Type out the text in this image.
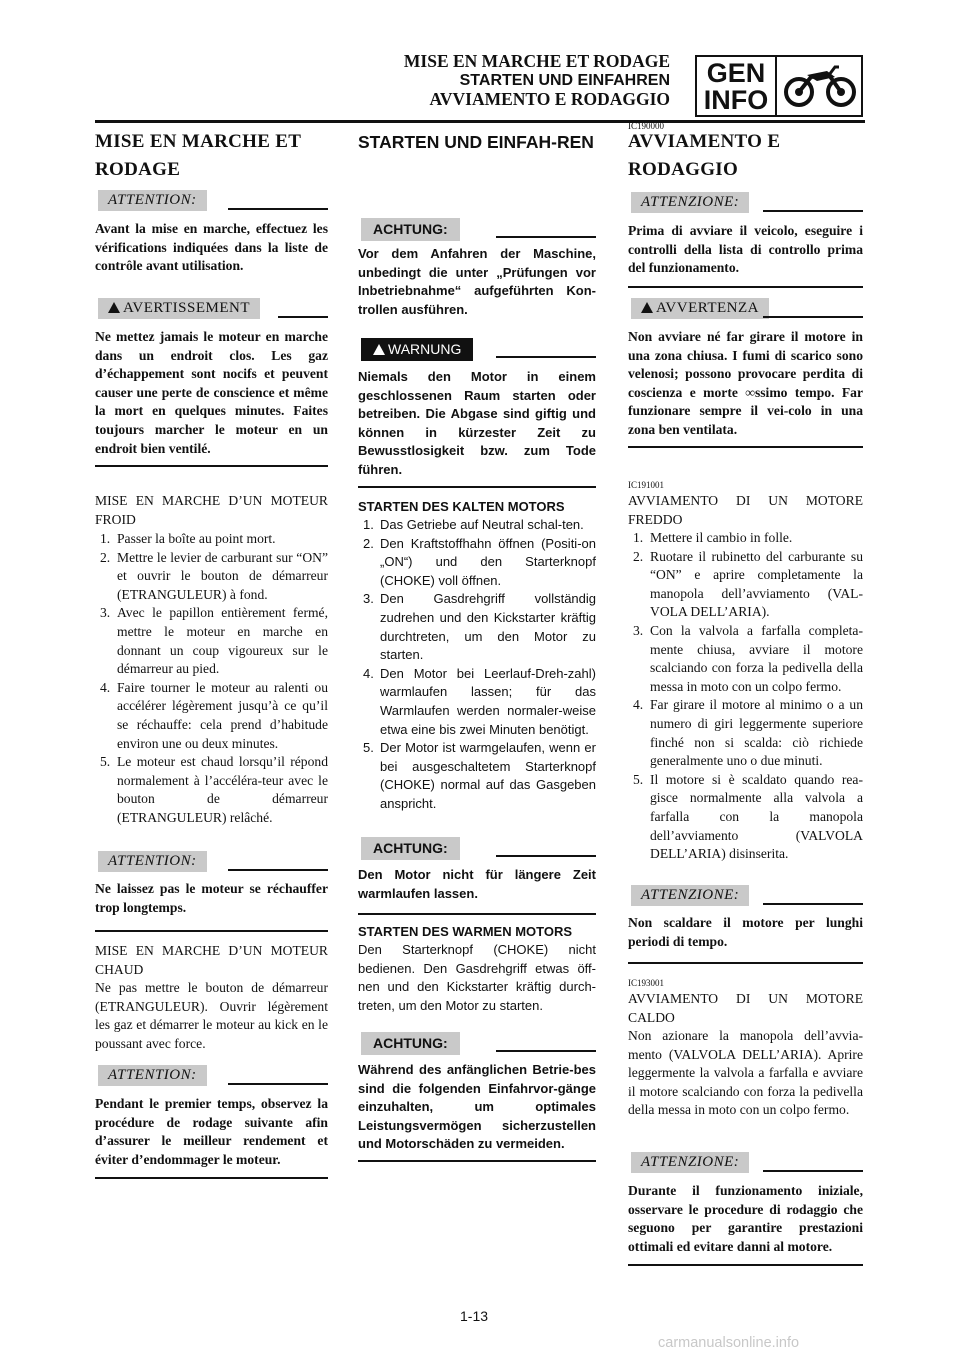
MISE EN MARCHE ET RODAGE
STARTEN UND EINFAHREN
AVVIAMENTO E RODAGGIO
GEN
INFO
MISE EN MARCHE ET RODAGE
ATTENTION:
Avant la mise en marche, effectuez les vérifications indiquées dans la liste de contrôle avant utilisation.
AVERTISSEMENT
Ne mettez jamais le moteur en marche dans un endroit clos. Les gaz d’échappement sont nocifs et peuvent causer une perte de conscience et même la mort en quelques minutes. Faites toujours marcher le moteur en un endroit bien ventilé.
MISE EN MARCHE D’UN MOTEUR FROID
1. Passer la boîte au point mort.
2. Mettre le levier de carburant sur “ON” et ouvrir le bouton de démarreur (ETRANGULEUR) à fond.
3. Avec le papillon entièrement fermé, mettre le moteur en marche en donnant un coup vigoureux sur le démarreur au pied.
4. Faire tourner le moteur au ralenti ou accélérer légèrement jusqu’à ce qu’il se réchauffe: cela prend d’habitude environ une ou deux minutes.
5. Le moteur est chaud lorsqu’il répond normalement à l’accéléra-teur avec le bouton de démarreur (ETRANGULEUR) relâché.
ATTENTION:
Ne laissez pas le moteur se réchauffer trop longtemps.
MISE EN MARCHE D’UN MOTEUR CHAUD
Ne pas mettre le bouton de démarreur (ETRANGULEUR). Ouvrir légèrement les gaz et démarrer le moteur au kick en le poussant avec force.
ATTENTION:
Pendant le premier temps, observez la procédure de rodage suivante afin d’assurer le meilleur rendement et éviter d’endommager le moteur.
STARTEN UND EINFAH-REN
ACHTUNG:
Vor dem Anfahren der Maschine, unbedingt die unter „Prüfungen vor Inbetriebnahme“ aufgeführten Kon-trollen ausführen.
WARNUNG
Niemals den Motor in einem geschlossenen Raum starten oder betreiben. Die Abgase sind giftig und können in kürzester Zeit zu Bewusstlosigkeit bzw. zum Tode führen.
STARTEN DES KALTEN MOTORS
1. Das Getriebe auf Neutral schal-ten.
2. Den Kraftstoffhahn öffnen (Positi-on „ON“) und den Starterknopf (CHOKE) voll öffnen.
3. Den Gasdrehgriff vollständig zudrehen und den Kickstarter kräftig durchtreten, um den Motor zu starten.
4. Den Motor bei Leerlauf-Dreh-zahl) warmlaufen lassen; für das Warmlaufen werden normaler-weise etwa eine bis zwei Minuten benötigt.
5. Der Motor ist warmgelaufen, wenn er bei ausgeschaltetem Starterknopf (CHOKE) normal auf das Gasgeben anspricht.
ACHTUNG:
Den Motor nicht für längere Zeit warmlaufen lassen.
STARTEN DES WARMEN MOTORS
Den Starterknopf (CHOKE) nicht bedienen. Den Gasdrehgriff etwas öff-nen und den Kickstarter kräftig durch-treten, um den Motor zu starten.
ACHTUNG:
Während des anfänglichen Betrie-bes sind die folgenden Einfahrvor-gänge einzuhalten, um optimales Leistungsvermögen sicherzustellen und Motorschäden zu vermeiden.
IC190000
AVVIAMENTO E RODAGGIO
ATTENZIONE:
Prima di avviare il veicolo, eseguire i controlli della lista di controllo prima del funzionamento.
AVVERTENZA
Non avviare né far girare il motore in una zona chiusa. I fumi di scarico sono velenosi; possono provocare perdita di coscienza e morte ∞ssimo tempo. Far funzionare sempre il vei-colo in una zona ben ventilata.
IC191001
AVVIAMENTO DI UN MOTORE FREDDO
1. Mettere il cambio in folle.
2. Ruotare il rubinetto del carburante su “ON” e aprire completamente la manopola dell’avviamento (VAL-VOLA DELL’ARIA).
3. Con la valvola a farfalla completa-mente chiusa, avviare il motore scalciando con forza la pedivella della messa in moto con un colpo fermo.
4. Far girare il motore al minimo o a un numero di giri leggermente superiore finché non si scalda: ciò richiede generalmente uno o due minuti.
5. Il motore si è scaldato quando rea-gisce normalmente alla valvola a farfalla con la manopola dell’avviamento (VALVOLA DELL’ARIA) disinserita.
ATTENZIONE:
Non scaldare il motore per lunghi periodi di tempo.
IC193001
AVVIAMENTO DI UN MOTORE CALDO
Non azionare la manopola dell’avvia-mento (VALVOLA DELL’ARIA). Aprire leggermente la valvola a farfalla e avviare il motore scalciando con forza la pedivella della messa in moto con un colpo fermo.
ATTENZIONE:
Durante il funzionamento iniziale, osservare le procedure di rodaggio che seguono per garantire prestazioni ottimali ed evitare danni al motore.
1-13
carmanualsonline.info
